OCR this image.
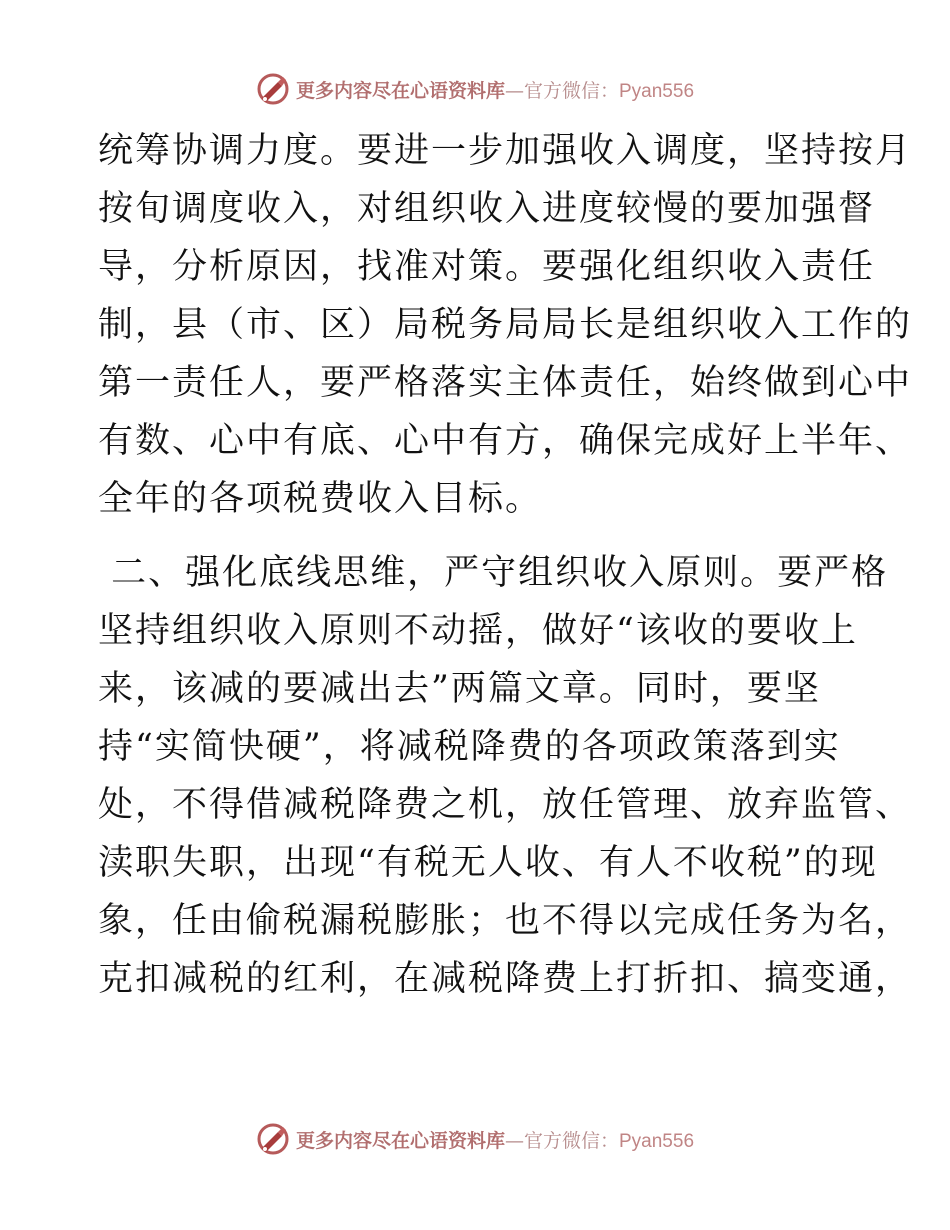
更多内容尽在心语资料库—官方微信：Pyan556
统筹协调力度。要进一步加强收入调度，坚持按月
按旬调度收入，对组织收入进度较慢的要加强督
导，分析原因，找准对策。要强化组织收入责任
制，县（市、区）局税务局局长是组织收入工作的
第一责任人，要严格落实主体责任，始终做到心中
有数、心中有底、心中有方，确保完成好上半年、
全年的各项税费收入目标。
二、强化底线思维，严守组织收入原则。要严格
坚持组织收入原则不动摇，做好“该收的要收上
来，该减的要减出去”两篇文章。同时，要坚
持“实简快硬”，将减税降费的各项政策落到实
处，不得借减税降费之机，放任管理、放弃监管、
渎职失职，出现“有税无人收、有人不收税”的现
象，任由偷税漏税膨胀；也不得以完成任务为名，
克扣减税的红利，在减税降费上打折扣、搞变通，
更多内容尽在心语资料库—官方微信：Pyan556
